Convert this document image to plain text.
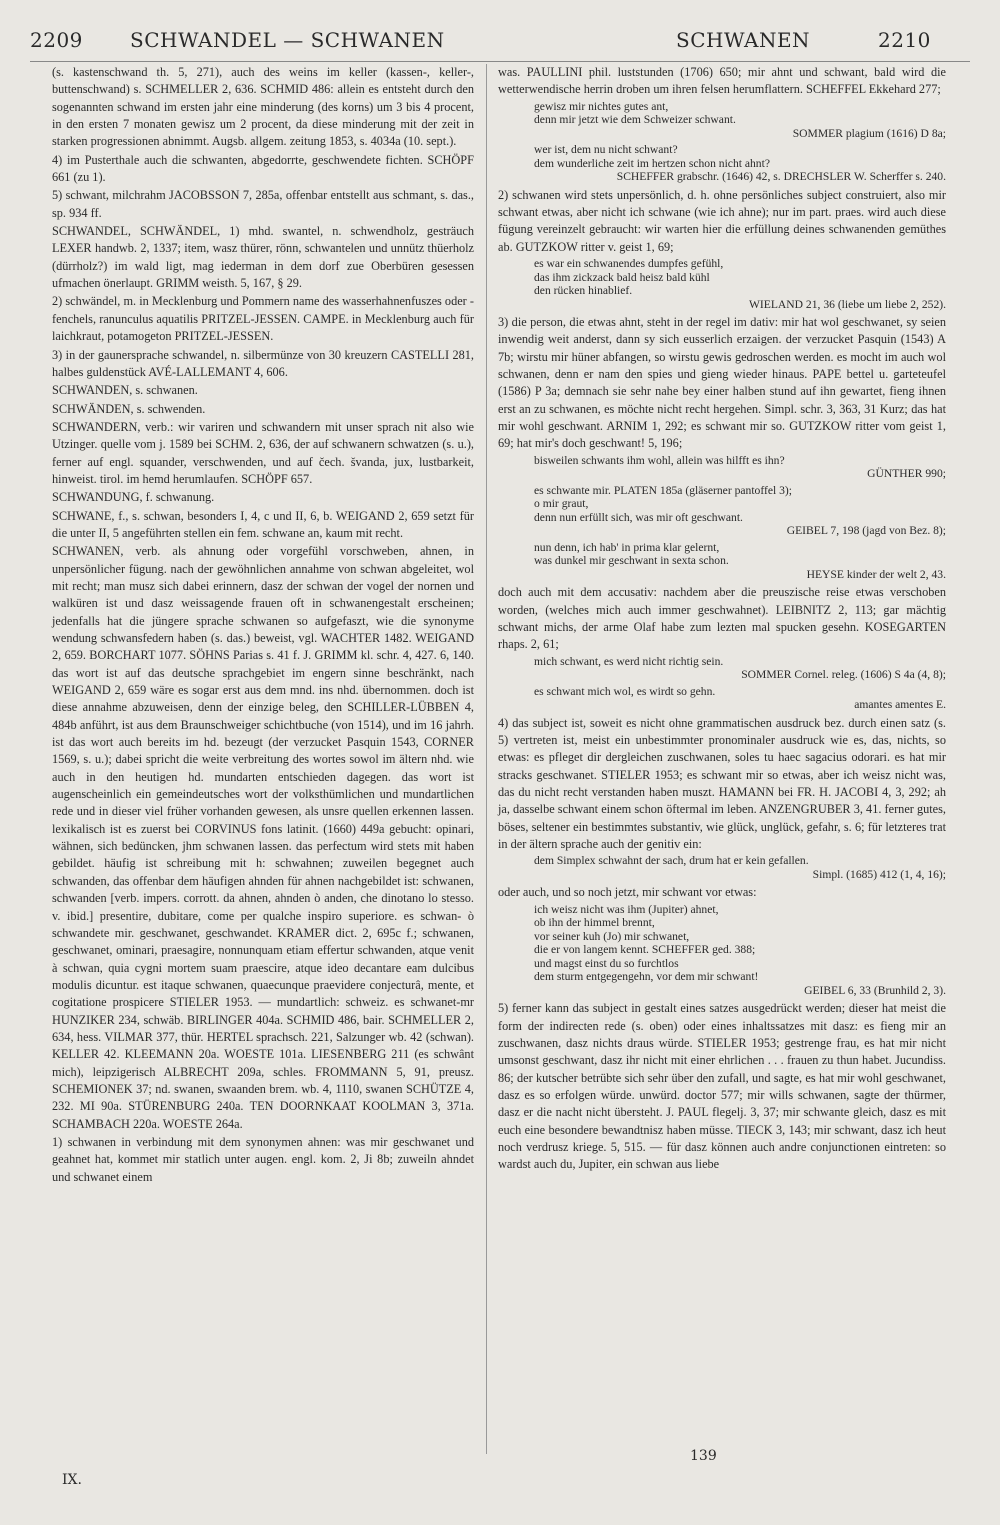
2209 SCHWANDEL — SCHWANEN	SCHWANEN	2210

(s. kastenschwand th. 5, 271), auch des weins im keller (kassen-, keller-, buttenschwand) s. SCHMELLER 2, 636. SCHMID 486: allein es entsteht durch den sogenannten schwand im ersten jahr eine minderung (des korns) um 3 bis 4 procent, in den ersten 7 monaten gewisz um 2 procent, da diese minderung mit der zeit in starken progressionen abnimmt. Augsb. allgem. zeitung 1853, s. 4034a (10. sept.).

4) im Pusterthale auch die schwanten, abgedorrte, geschwendete fichten. SCHÖPF 661 (zu 1).

5) schwant, milchrahm JACOBSSON 7, 285a, offenbar entstellt aus schmant, s. das., sp. 934 ff.

SCHWANDEL, SCHWÄNDEL, 1) mhd. swantel, n. schwendholz, gesträuch LEXER handwb. 2, 1337; item, wasz thürer, rönn, schwantelen und unnütz thüerholz (dürrholz?) im wald ligt, mag iederman in dem dorf zue Oberbüren gesessen ufmachen önerlaupt. GRIMM weisth. 5, 167, § 29.

2) schwändel, m. in Mecklenburg und Pommern name des wasserhahnenfuszes oder -fenchels, ranunculus aquatilis PRITZEL-JESSEN. CAMPE. in Mecklenburg auch für laichkraut, potamogeton PRITZEL-JESSEN.

3) in der gaunersprache schwandel, n. silbermünze von 30 kreuzern CASTELLI 281, halbes guldenstück AVÉ-LALLEMANT 4, 606.

SCHWANDEN, s. schwanen.

SCHWÄNDEN, s. schwenden.

SCHWANDERN, verb.: wir variren und schwandern mit unser sprach nit also wie Utzinger. quelle vom j. 1589 bei SCHM. 2, 636, der auf schwanern schwatzen (s. u.), ferner auf engl. squander, verschwenden, und auf čech. švanda, jux, lustbarkeit, hinweist. tirol. im hemd herumlaufen. SCHÖPF 657.

SCHWANDUNG, f. schwanung.

SCHWANE, f., s. schwan, besonders I, 4, c und II, 6, b. WEIGAND 2, 659 setzt für die unter II, 5 angeführten stellen ein fem. schwane an, kaum mit recht.

SCHWANEN, verb. als ahnung oder vorgefühl vorschweben, ahnen, in unpersönlicher fügung. nach der gewöhnlichen annahme von schwan abgeleitet, wol mit recht; man musz sich dabei erinnern, dasz der schwan der vogel der nornen und walküren ist und dasz weissagende frauen oft in schwanengestalt erscheinen; jedenfalls hat die jüngere sprache schwanen so aufgefaszt, wie die synonyme wendung schwansfedern haben (s. das.) beweist, vgl. WACHTER 1482. WEIGAND 2, 659. BORCHART 1077. SÖHNS Parias s. 41 f. J. GRIMM kl. schr. 4, 427. 6, 140. das wort ist auf das deutsche sprachgebiet im engern sinne beschränkt, nach WEIGAND 2, 659 wäre es sogar erst aus dem mnd. ins nhd. übernommen. doch ist diese annahme abzuweisen, denn der einzige beleg, den SCHILLER-LÜBBEN 4, 484b anführt, ist aus dem Braunschweiger schichtbuche (von 1514), und im 16 jahrh. ist das wort auch bereits im hd. bezeugt (der verzucket Pasquin 1543, CORNER 1569, s. u.); dabei spricht die weite verbreitung des wortes sowol im ältern nhd. wie auch in den heutigen hd. mundarten entschieden dagegen. das wort ist augenscheinlich ein gemeindeutsches wort der volksthümlichen und mundartlichen rede und in dieser viel früher vorhanden gewesen, als unsre quellen erkennen lassen. lexikalisch ist es zuerst bei CORVINUS fons latinit. (1660) 449a gebucht: opinari, wähnen, sich bedüncken, jhm schwanen lassen. das perfectum wird stets mit haben gebildet. häufig ist schreibung mit h: schwahnen; zuweilen begegnet auch schwanden, das offenbar dem häufigen ahnden für ahnen nachgebildet ist: schwanen, schwanden [verb. impers. corrott. da ahnen, ahnden ò anden, che dinotano lo stesso. v. ibid.] presentire, dubitare, come per qualche inspiro superiore. es schwan- ò schwandete mir. geschwanet, geschwandet. KRAMER dict. 2, 695c f.; schwanen, geschwanet, ominari, praesagire, nonnunquam etiam effertur schwanden, atque venit à schwan, quia cygni mortem suam praescire, atque ideo decantare eam dulcibus modulis dicuntur. est itaque schwanen, quaecunque praevidere conjecturâ, mente, et cogitatione prospicere STIELER 1953. — mundartlich: schweiz. es schwanet-mr HUNZIKER 234, schwäb. BIRLINGER 404a. SCHMID 486, bair. SCHMELLER 2, 634, hess. VILMAR 377, thür. HERTEL sprachsch. 221, Salzunger wb. 42 (schwan). KELLER 42. KLEEMANN 20a. WOESTE 101a. LIESENBERG 211 (es schwânt mich), leipzigerisch ALBRECHT 209a, schles. FROMMANN 5, 91, preusz. SCHEMIONEK 37; nd. swanen, swaanden brem. wb. 4, 1110, swanen SCHÜTZE 4, 232. MI 90a. STÜRENBURG 240a. TEN DOORNKAAT KOOLMAN 3, 371a. SCHAMBACH 220a. WOESTE 264a.

1) schwanen in verbindung mit dem synonymen ahnen: was mir geschwanet und geahnet hat, kommet mir statlich unter augen. engl. kom. 2, Ji 8b; zuweiln ahndet und schwanet einem

was. PAULLINI phil. luststunden (1706) 650; mir ahnt und schwant, bald wird die wetterwendische herrin droben um ihren felsen herumflattern. SCHEFFEL Ekkehard 277;

gewisz mir nichtes gutes ant,

denn mir jetzt wie dem Schweizer schwant.

SOMMER plagium (1616) D 8a;

wer ist, dem nu nicht schwant?

dem wunderliche zeit im hertzen schon nicht ahnt?

SCHEFFER grabschr. (1646) 42, s. DRECHSLER W. Scherffer s. 240.

2) schwanen wird stets unpersönlich, d. h. ohne persönliches subject construiert, also mir schwant etwas, aber nicht ich schwane (wie ich ahne); nur im part. praes. wird auch diese fügung vereinzelt gebraucht: wir warten hier die erfüllung deines schwanenden gemüthes ab. GUTZKOW ritter v. geist 1, 69;

es war ein schwanendes dumpfes gefühl,

das ihm zickzack bald heisz bald kühl

den rücken hinablief.

WIELAND 21, 36 (liebe um liebe 2, 252).

3) die person, die etwas ahnt, steht in der regel im dativ: mir hat wol geschwanet, sy seien inwendig weit anderst, dann sy sich eusserlich erzaigen. der verzucket Pasquin (1543) A 7b; wirstu mir hüner abfangen, so wirstu gewis gedroschen werden. es mocht im auch wol schwanen, denn er nam den spies und gieng wieder hinaus. PAPE bettel u. garteteufel (1586) P 3a; demnach sie sehr nahe bey einer halben stund auf ihn gewartet, fieng ihnen erst an zu schwanen, es möchte nicht recht hergehen. Simpl. schr. 3, 363, 31 Kurz; das hat mir wohl geschwant. ARNIM 1, 292; es schwant mir so. GUTZKOW ritter vom geist 1, 69; hat mir's doch geschwant! 5, 196;

bisweilen schwants ihm wohl, allein was hilfft es ihn?

GÜNTHER 990;

es schwante mir. PLATEN 185a (gläserner pantoffel 3);

o mir graut,

denn nun erfüllt sich, was mir oft geschwant.

GEIBEL 7, 198 (jagd von Bez. 8);

nun denn, ich hab' in prima klar gelernt,

was dunkel mir geschwant in sexta schon.

HEYSE kinder der welt 2, 43.

doch auch mit dem accusativ: nachdem aber die preuszische reise etwas verschoben worden, (welches mich auch immer geschwahnet). LEIBNITZ 2, 113; gar mächtig schwant michs, der arme Olaf habe zum lezten mal spucken gesehn. KOSEGARTEN rhaps. 2, 61;

mich schwant, es werd nicht richtig sein.

SOMMER Cornel. releg. (1606) S 4a (4, 8);

es schwant mich wol, es wirdt so gehn.

amantes amentes E.

4) das subject ist, soweit es nicht ohne grammatischen ausdruck bez. durch einen satz (s. 5) vertreten ist, meist ein unbestimmter pronominaler ausdruck wie es, das, nichts, so etwas: es pfleget dir dergleichen zuschwanen, soles tu haec sagacius odorari. es hat mir stracks geschwanet. STIELER 1953; es schwant mir so etwas, aber ich weisz nicht was, das du nicht recht verstanden haben muszt. HAMANN bei FR. H. JACOBI 4, 3, 292; ah ja, dasselbe schwant einem schon öftermal im leben. ANZENGRUBER 3, 41. ferner gutes, böses, seltener ein bestimmtes substantiv, wie glück, unglück, gefahr, s. 6; für letzteres trat in der ältern sprache auch der genitiv ein:

dem Simplex schwahnt der sach, drum hat er kein gefallen.

Simpl. (1685) 412 (1, 4, 16);

oder auch, und so noch jetzt, mir schwant vor etwas:

ich weisz nicht was ihm (Jupiter) ahnet,

ob ihn der himmel brennt,

vor seiner kuh (Jo) mir schwanet,

die er von langem kennt. SCHEFFER ged. 388;

und magst einst du so furchtlos

dem sturm entgegengehn, vor dem mir schwant!

GEIBEL 6, 33 (Brunhild 2, 3).

5) ferner kann das subject in gestalt eines satzes ausgedrückt werden; dieser hat meist die form der indirecten rede (s. oben) oder eines inhaltssatzes mit dasz: es fieng mir an zuschwanen, dasz nichts draus würde. STIELER 1953; gestrenge frau, es hat mir nicht umsonst geschwant, dasz ihr nicht mit einer ehrlichen . . . frauen zu thun habet. Jucundiss. 86; der kutscher betrübte sich sehr über den zufall, und sagte, es hat mir wohl geschwanet, dasz es so erfolgen würde. unwürd. doctor 577; mir wills schwanen, sagte der thürmer, dasz er die nacht nicht übersteht. J. PAUL flegelj. 3, 37; mir schwante gleich, dasz es mit euch eine besondere bewandtnisz haben müsse. TIECK 3, 143; mir schwant, dasz ich heut noch verdrusz kriege. 5, 515. — für dasz können auch andre conjunctionen eintreten: so wardst auch du, Jupiter, ein schwan aus liebe

139
IX.
